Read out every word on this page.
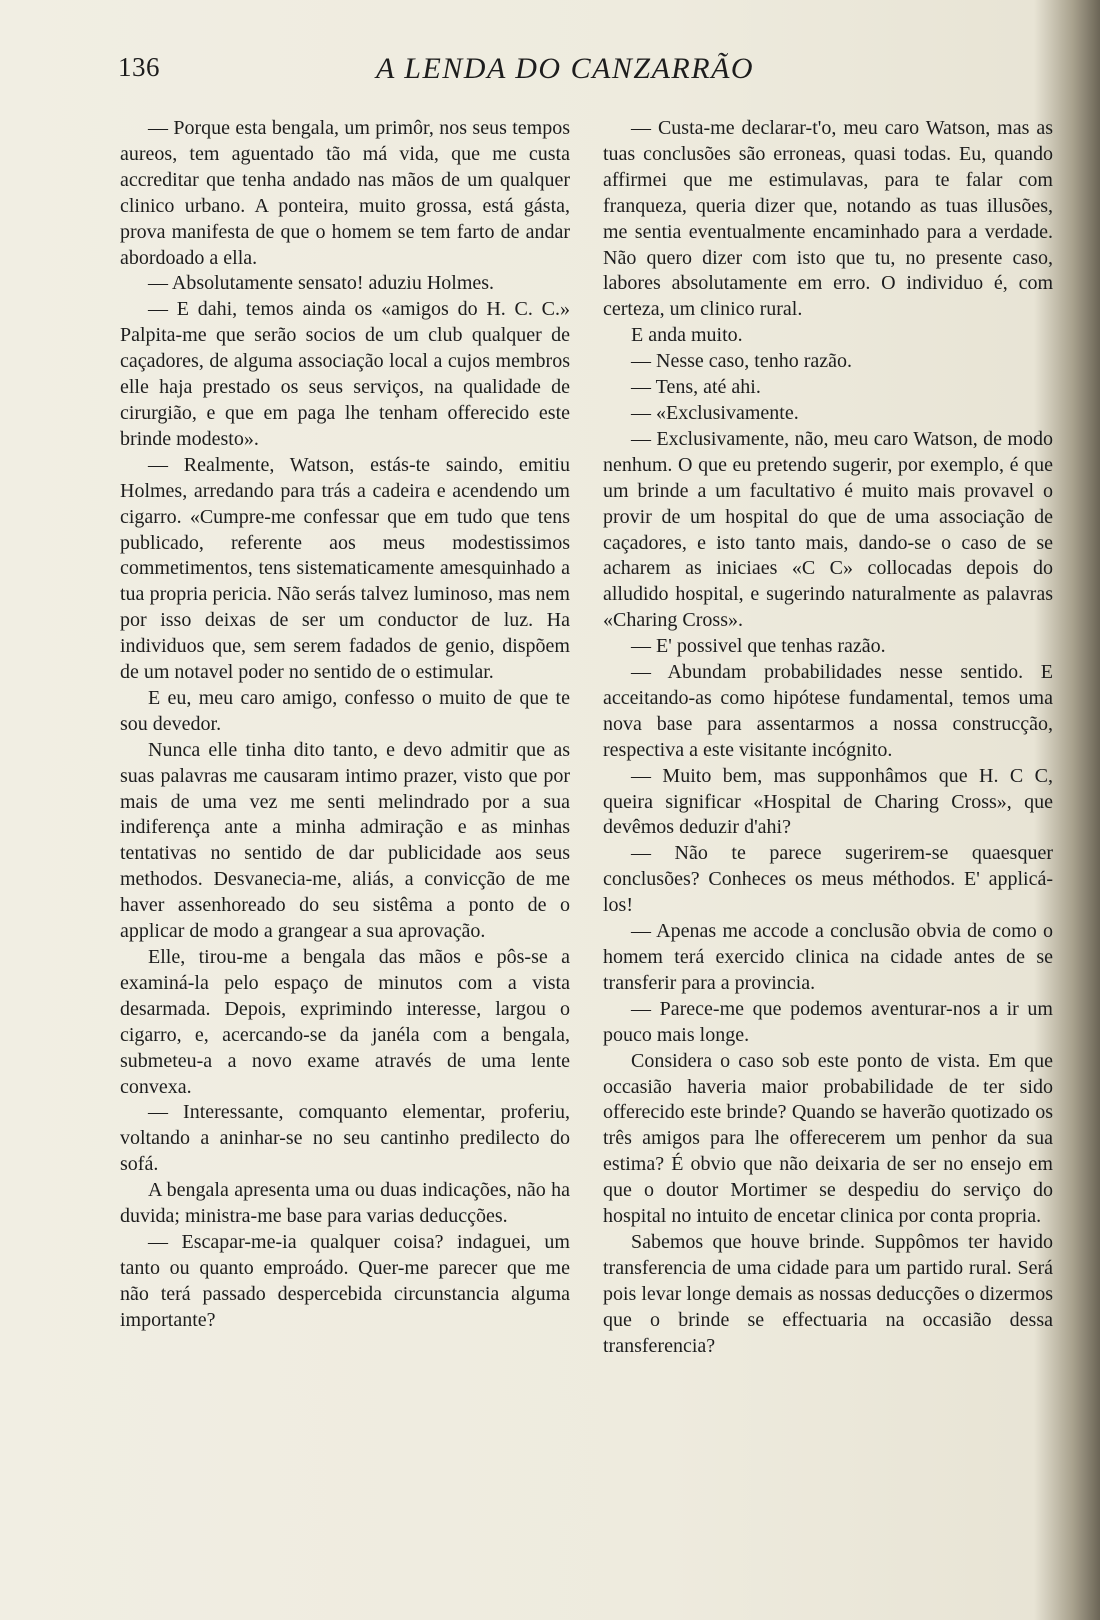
136	A LENDA DO CANZARRÃO

— Porque esta bengala, um primôr, nos seus tempos aureos, tem aguentado tão má vida, que me custa accreditar que tenha andado nas mãos de um qualquer clinico urbano. A ponteira, muito grossa, está gásta, prova manifesta de que o homem se tem farto de andar abordoado a ella.

— Absolutamente sensato! aduziu Holmes.

— E dahi, temos ainda os «amigos do H. C. C.» Palpita-me que serão socios de um club qualquer de caçadores, de alguma associação local a cujos membros elle haja prestado os seus serviços, na qualidade de cirurgião, e que em paga lhe tenham offerecido este brinde modesto».

— Realmente, Watson, estás-te saindo, emitiu Holmes, arredando para trás a cadeira e acendendo um cigarro. «Cumpre-me confessar que em tudo que tens publicado, referente aos meus modestissimos commetimentos, tens sistematicamente amesquinhado a tua propria pericia. Não serás talvez luminoso, mas nem por isso deixas de ser um conductor de luz. Ha individuos que, sem serem fadados de genio, dispõem de um notavel poder no sentido de o estimular.

E eu, meu caro amigo, confesso o muito de que te sou devedor.

Nunca elle tinha dito tanto, e devo admitir que as suas palavras me causaram intimo prazer, visto que por mais de uma vez me senti melindrado por a sua indiferença ante a minha admiração e as minhas tentativas no sentido de dar publicidade aos seus methodos. Desvanecia-me, aliás, a convicção de me haver assenhoreado do seu sistêma a ponto de o applicar de modo a grangear a sua aprovação.

Elle, tirou-me a bengala das mãos e pôs-se a examiná-la pelo espaço de minutos com a vista desarmada. Depois, exprimindo interesse, largou o cigarro, e, acercando-se da janéla com a bengala, submeteu-a a novo exame através de uma lente convexa.

— Interessante, comquanto elementar, proferiu, voltando a aninhar-se no seu cantinho predilecto do sofá.

A bengala apresenta uma ou duas indicações, não ha duvida; ministra-me base para varias deducções.

— Escapar-me-ia qualquer coisa? indaguei, um tanto ou quanto emproádo. Quer-me parecer que me não terá passado despercebida circunstancia alguma importante?

— Custa-me declarar-t'o, meu caro Watson, mas as tuas conclusões são erroneas, quasi todas. Eu, quando affirmei que me estimulavas, para te falar com franqueza, queria dizer que, notando as tuas illusões, me sentia eventualmente encaminhado para a verdade. Não quero dizer com isto que tu, no presente caso, labores absolutamente em erro. O individuo é, com certeza, um clinico rural.

E anda muito.

— Nesse caso, tenho razão.

— Tens, até ahi.

— «Exclusivamente.

— Exclusivamente, não, meu caro Watson, de modo nenhum. O que eu pretendo sugerir, por exemplo, é que um brinde a um facultativo é muito mais provavel o provir de um hospital do que de uma associação de caçadores, e isto tanto mais, dando-se o caso de se acharem as iniciaes «C C» collocadas depois do alludido hospital, e sugerindo naturalmente as palavras «Charing Cross».

— E' possivel que tenhas razão.

— Abundam probabilidades nesse sentido. E acceitando-as como hipótese fundamental, temos uma nova base para assentarmos a nossa construcção, respectiva a este visitante incógnito.

— Muito bem, mas supponhâmos que H. C C, queira significar «Hospital de Charing Cross», que devêmos deduzir d'ahi?

— Não te parece sugerirem-se quaesquer conclusões? Conheces os meus méthodos. E' applicá-los!

— Apenas me accode a conclusão obvia de como o homem terá exercido clinica na cidade antes de se transferir para a provincia.

— Parece-me que podemos aventurar-nos a ir um pouco mais longe.

Considera o caso sob este ponto de vista. Em que occasião haveria maior probabilidade de ter sido offerecido este brinde? Quando se haverão quotizado os três amigos para lhe offerecerem um penhor da sua estima? É obvio que não deixaria de ser no ensejo em que o doutor Mortimer se despediu do serviço do hospital no intuito de encetar clinica por conta propria.

Sabemos que houve brinde. Suppômos ter havido transferencia de uma cidade para um partido rural. Será pois levar longe demais as nossas deducções o dizermos que o brinde se effectuaria na occasião dessa transferencia?
